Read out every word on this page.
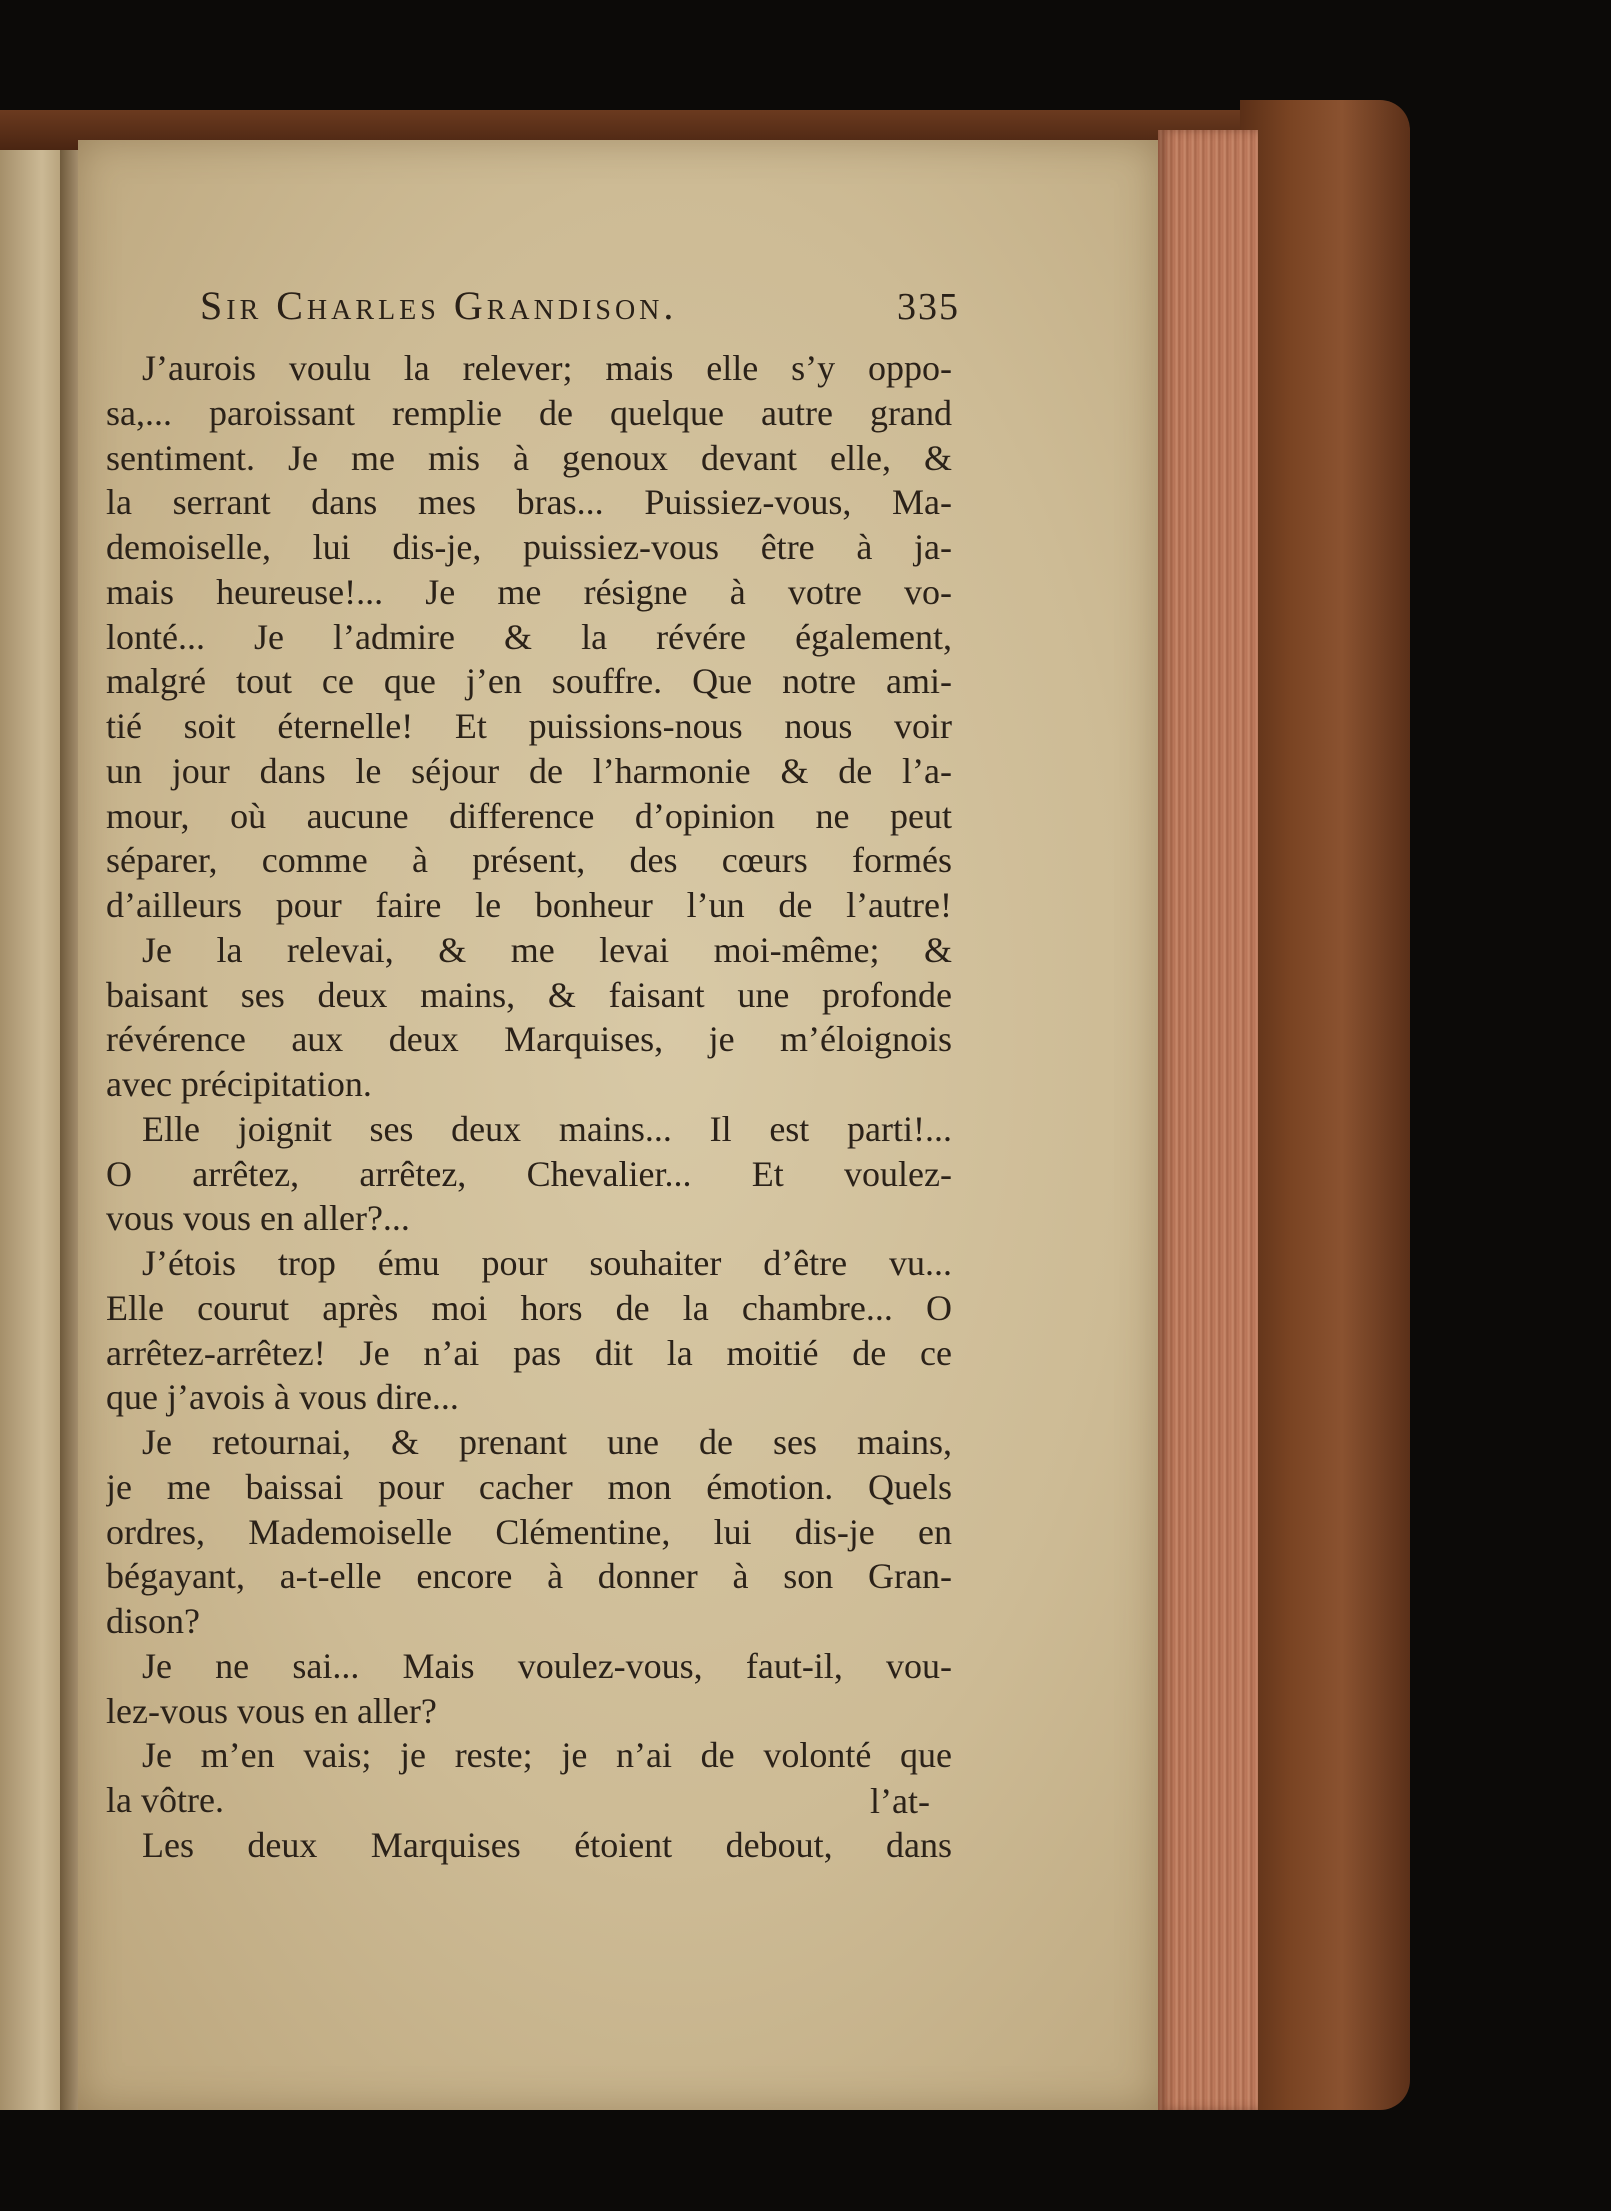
Sir Charles Grandison.	335
J’aurois voulu la relever; mais elle s’y oppo-
sa,... paroissant remplie de quelque autre grand
sentiment. Je me mis à genoux devant elle, &
la serrant dans mes bras... Puissiez-vous, Ma-
demoiselle, lui dis-je, puissiez-vous être à ja-
mais heureuse!... Je me résigne à votre vo-
lonté... Je l’admire & la révére également,
malgré tout ce que j’en souffre. Que notre ami-
tié soit éternelle! Et puissions-nous nous voir
un jour dans le séjour de l’harmonie & de l’a-
mour, où aucune difference d’opinion ne peut
séparer, comme à présent, des cœurs formés
d’ailleurs pour faire le bonheur l’un de l’autre!
Je la relevai, & me levai moi-même; &
baisant ses deux mains, & faisant une profonde
révérence aux deux Marquises, je m’éloignois
avec précipitation.
Elle joignit ses deux mains... Il est parti!...
O arrêtez, arrêtez, Chevalier... Et voulez-
vous vous en aller?...
J’étois trop ému pour souhaiter d’être vu...
Elle courut après moi hors de la chambre... O
arrêtez-arrêtez! Je n’ai pas dit la moitié de ce
que j’avois à vous dire...
Je retournai, & prenant une de ses mains,
je me baissai pour cacher mon émotion. Quels
ordres, Mademoiselle Clémentine, lui dis-je en
bégayant, a-t-elle encore à donner à son Gran-
dison?
Je ne sai... Mais voulez-vous, faut-il, vou-
lez-vous vous en aller?
Je m’en vais; je reste; je n’ai de volonté que
la vôtre.
Les deux Marquises étoient debout, dans
l’at-
